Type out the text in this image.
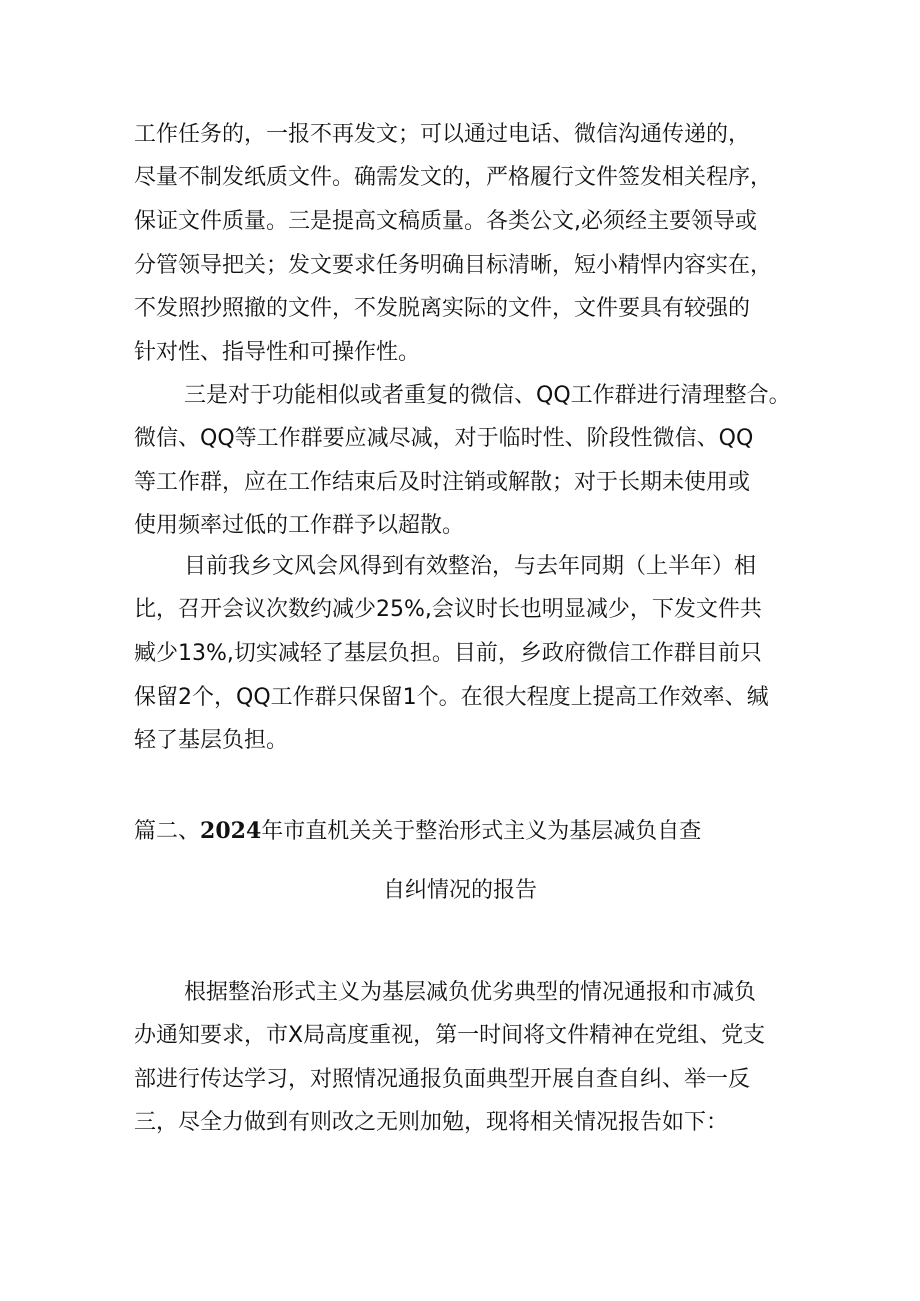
工作任务的，一报不再发文；可以通过电话、微信沟通传递的，
尽量不制发纸质文件。确需发文的，严格履行文件签发相关程序，
保证文件质量。三是提高文稿质量。各类公文,必须经主要领导或
分管领导把关；发文要求任务明确目标清晰，短小精悍内容实在，
不发照抄照撤的文件，不发脱离实际的文件，文件要具有较强的
针对性、指导性和可操作性。
三是对于功能相似或者重复的微信、QQ工作群进行清理整合。
微信、QQ等工作群要应减尽减，对于临时性、阶段性微信、QQ
等工作群，应在工作结束后及时注销或解散；对于长期未使用或
使用频率过低的工作群予以超散。
目前我乡文风会风得到有效整治，与去年同期（上半年）相
比，召开会议次数约减少25%,会议时长也明显减少，下发文件共
臧少13%,切实减轻了基层负担。目前，乡政府微信工作群目前只
保留2个，QQ工作群只保留1个。在很大程度上提高工作效率、缄
轻了基层负担。
篇二、2024年市直机关关于整治形式主义为基层减负自查
自纠情况的报告
根据整治形式主义为基层减负优劣典型的情况通报和市减负
办通知要求，市X局高度重视，第一时间将文件精神在党组、党支
部进行传达学习，对照情况通报负面典型开展自查自纠、举一反
三，尽全力做到有则改之无则加勉，现将相关情况报告如下：
